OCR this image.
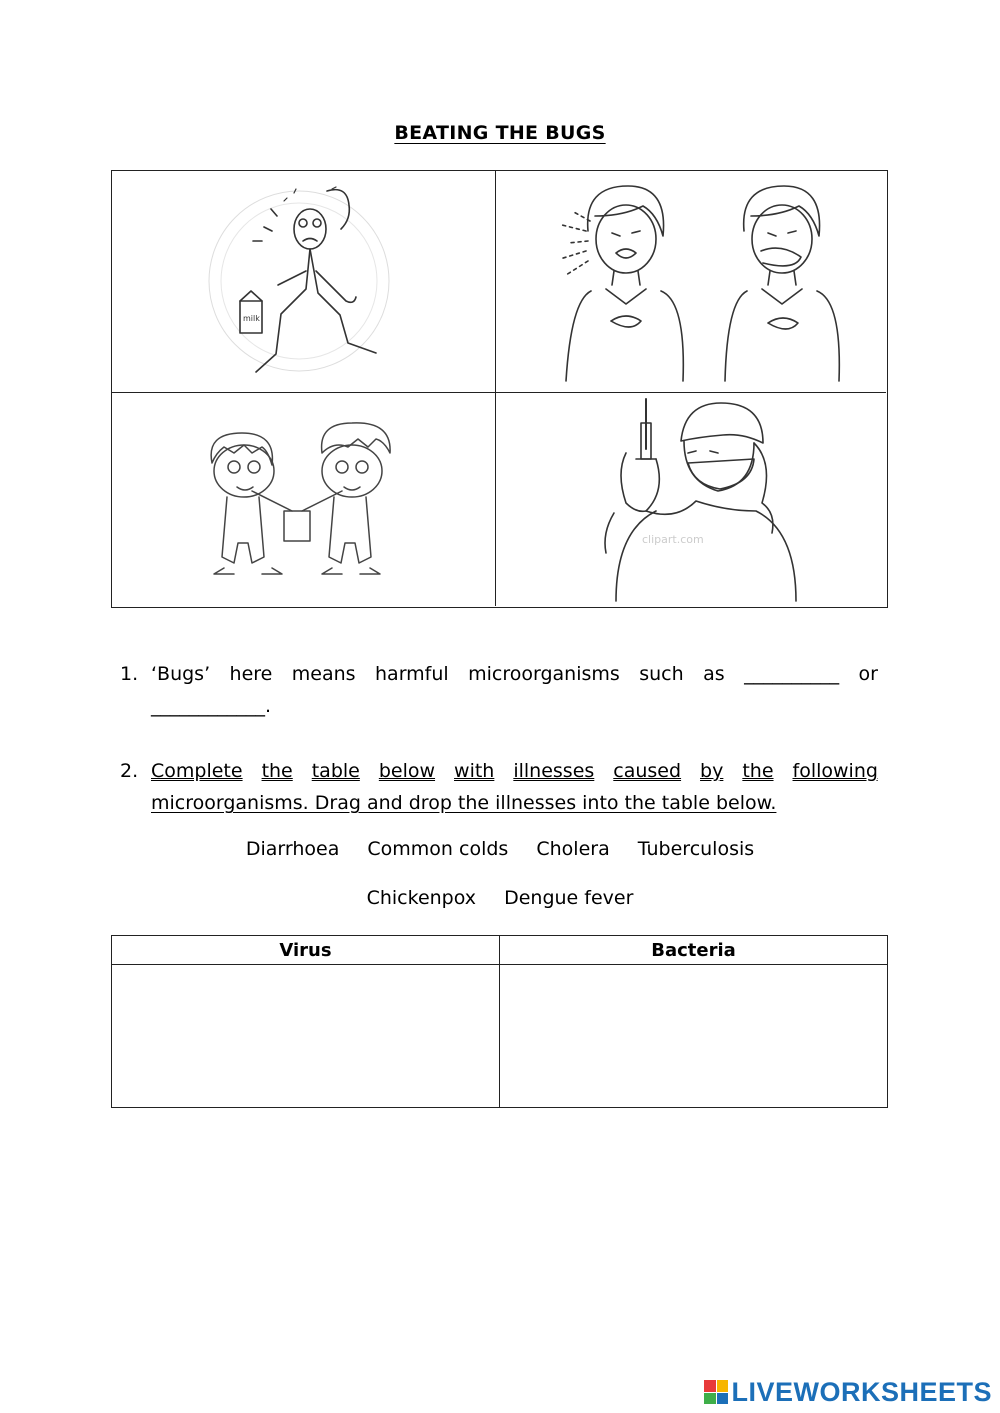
BEATING THE BUGS
milk
clipart.com
1. ‘Bugs’ here means harmful microorganisms such as __________ or
____________.
2. Complete the table below with illnesses caused by the following
microorganisms. Drag and drop the illnesses into the table below.
Diarrhoea Common colds Cholera Tuberculosis
Chickenpox Dengue fever
Virus	Bacteria

LIVE WORKSHEETS
